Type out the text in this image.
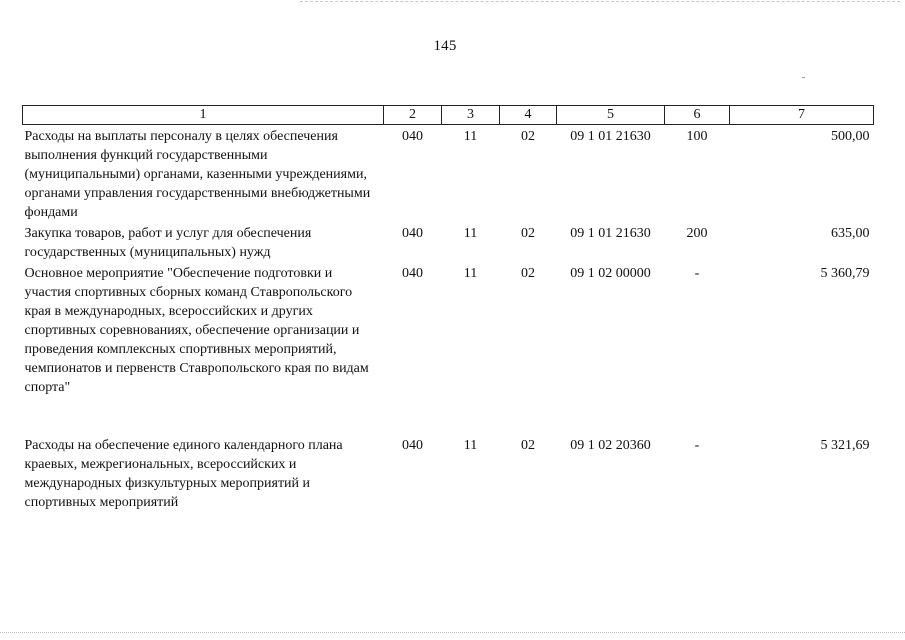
145
1	2	3	4	5	6	7
Расходы на выплаты персоналу в целях обеспечения выполнения функций государственными (муниципальными) органами, казенными учреждениями, органами управления государственными внебюджетными фондами	040	11	02	09 1 01 21630	100	500,00
Закупка товаров, работ и услуг для обеспечения государственных (муниципальных) нужд	040	11	02	09 1 01 21630	200	635,00
Основное мероприятие "Обеспечение подготовки и участия спортивных сборных команд Ставропольского края в международных, всероссийских и других спортивных соревнованиях, обеспечение организации и проведения комплексных спортивных мероприятий, чемпионатов и первенств Ставропольского края по видам спорта"	040	11	02	09 1 02 00000	-	5 360,79
Расходы на обеспечение единого календарного плана краевых, межрегиональных, всероссийских и международных физкультурных мероприятий и спортивных мероприятий	040	11	02	09 1 02 20360	-	5 321,69
